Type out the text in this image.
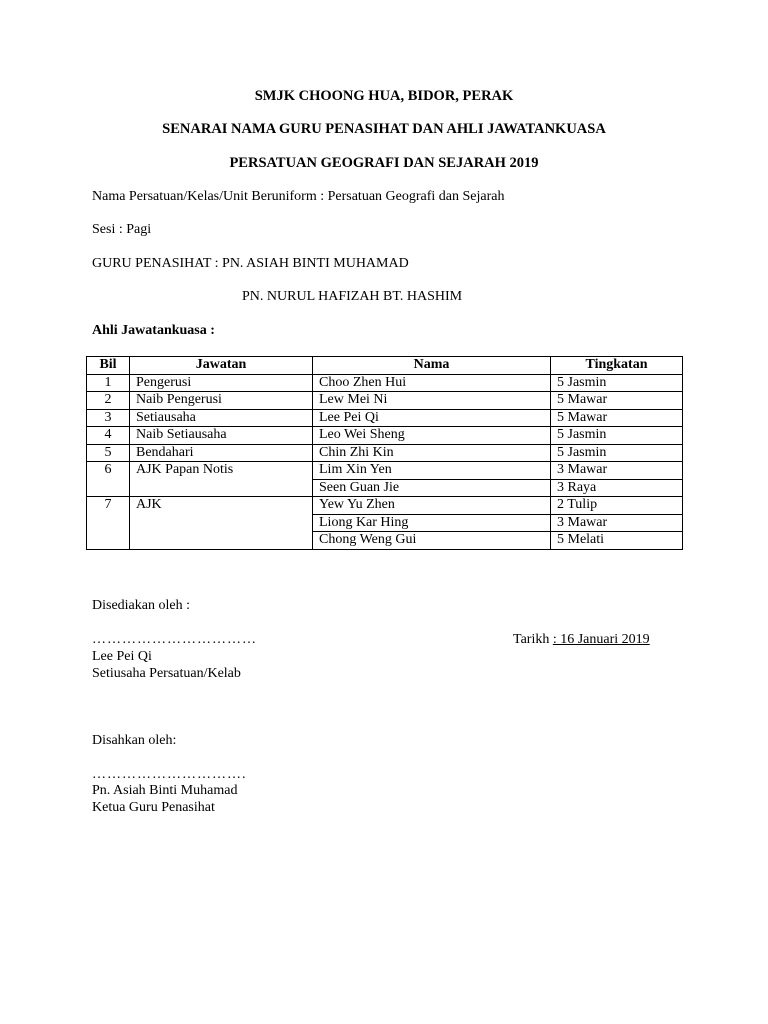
SMJK CHOONG HUA, BIDOR, PERAK
SENARAI NAMA GURU PENASIHAT DAN AHLI JAWATANKUASA
PERSATUAN GEOGRAFI DAN SEJARAH 2019
Nama Persatuan/Kelas/Unit Beruniform : Persatuan Geografi dan Sejarah
Sesi : Pagi
GURU PENASIHAT : PN. ASIAH BINTI MUHAMAD
PN. NURUL HAFIZAH BT. HASHIM
Ahli Jawatankuasa :
Bil	Jawatan	Nama	Tingkatan
1	Pengerusi	Choo Zhen Hui	5 Jasmin
2	Naib Pengerusi	Lew Mei Ni	5 Mawar
3	Setiausaha	Lee Pei Qi	5 Mawar
4	Naib Setiausaha	Leo Wei Sheng	5 Jasmin
5	Bendahari	Chin Zhi Kin	5 Jasmin
6	AJK Papan Notis	Lim Xin Yen	3 Mawar
		Seen Guan Jie	3 Raya
7	AJK	Yew Yu Zhen	2 Tulip
		Liong Kar Hing	3 Mawar
		Chong Weng Gui	5 Melati
Disediakan oleh :
……………………………	Tarikh : 16 Januari 2019
Lee Pei Qi
Setiusaha Persatuan/Kelab
Disahkan oleh:
………………………….
Pn. Asiah Binti Muhamad
Ketua Guru Penasihat
